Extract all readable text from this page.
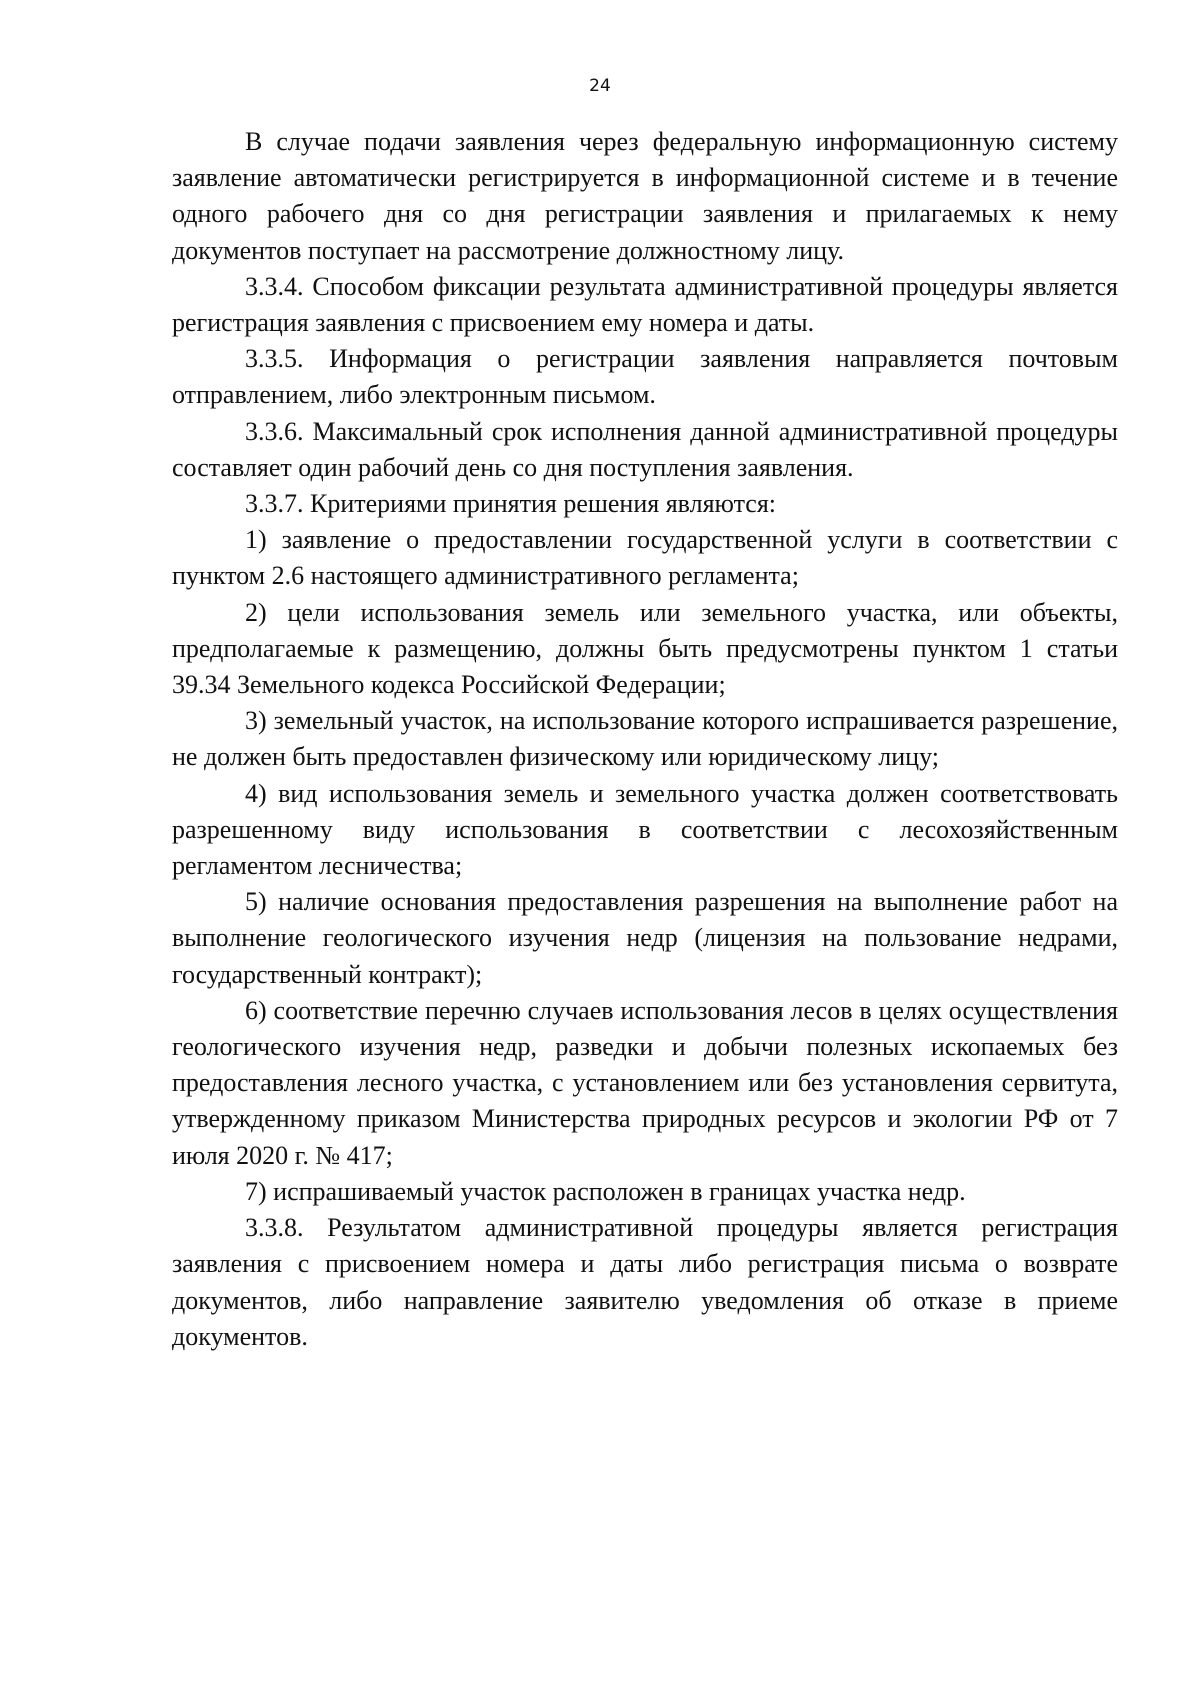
24

В случае подачи заявления через федеральную информационную систему заявление автоматически регистрируется в информационной системе и в течение одного рабочего дня со дня регистрации заявления и прилагаемых к нему документов поступает на рассмотрение должностному лицу.

3.3.4. Способом фиксации результата административной процедуры является регистрация заявления с присвоением ему номера и даты.

3.3.5. Информация о регистрации заявления направляется почтовым отправлением, либо электронным письмом.

3.3.6. Максимальный срок исполнения данной административной процедуры составляет один рабочий день со дня поступления заявления.

3.3.7. Критериями принятия решения являются:

1) заявление о предоставлении государственной услуги в соответствии с пунктом 2.6 настоящего административного регламента;

2) цели использования земель или земельного участка, или объекты, предполагаемые к размещению, должны быть предусмотрены пунктом 1 статьи 39.34 Земельного кодекса Российской Федерации;

3) земельный участок, на использование которого испрашивается разрешение, не должен быть предоставлен физическому или юридическому лицу;

4) вид использования земель и земельного участка должен соответствовать разрешенному виду использования в соответствии с лесохозяйственным регламентом лесничества;

5) наличие основания предоставления разрешения на выполнение работ на выполнение геологического изучения недр (лицензия на пользование недрами, государственный контракт);

6) соответствие перечню случаев использования лесов в целях осуществления геологического изучения недр, разведки и добычи полезных ископаемых без предоставления лесного участка, с установлением или без установления сервитута, утвержденному приказом Министерства природных ресурсов и экологии РФ от 7 июля 2020 г. № 417;

7) испрашиваемый участок расположен в границах участка недр.

3.3.8. Результатом административной процедуры является регистрация заявления с присвоением номера и даты либо регистрация письма о возврате документов, либо направление заявителю уведомления об отказе в приеме документов.
